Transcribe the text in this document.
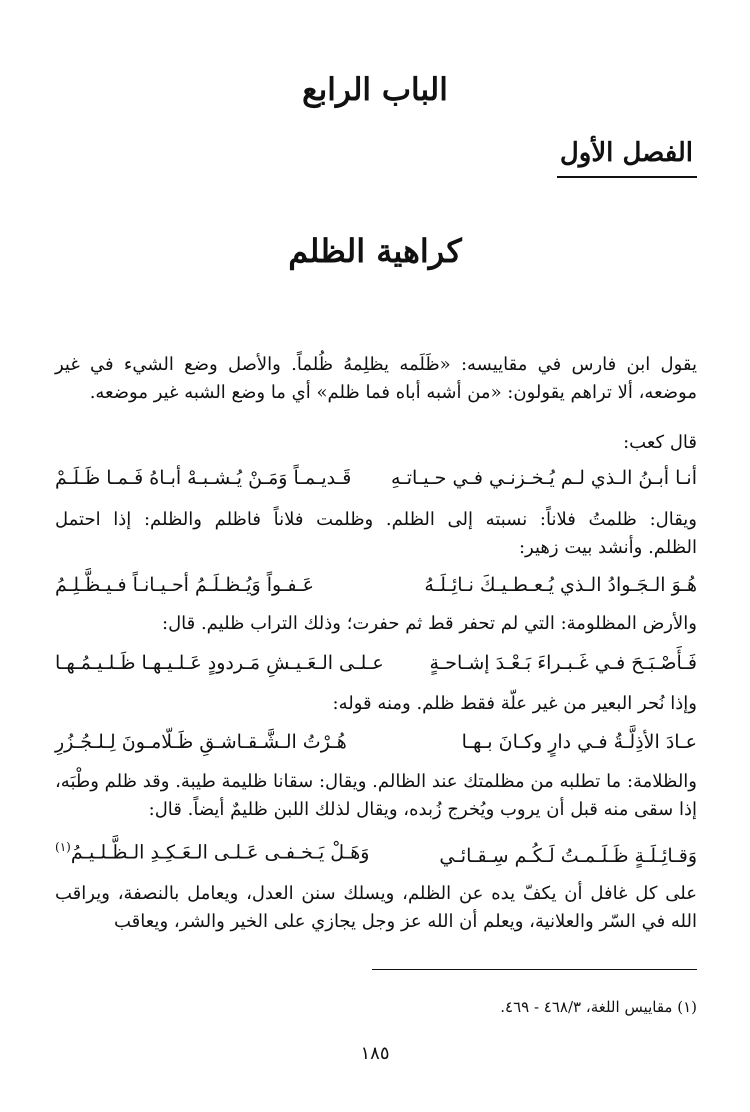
الباب الرابع
الفصل الأول
كراهية الظلم
يقول ابن فارس في مقاييسه: «ظَلَمه يظلِمهُ ظُلماً. والأصل وضع الشيء في غير موضعه، ألا تراهم يقولون: «من أشبه أباه فما ظلم» أي ما وضع الشبه غير موضعه.
قال كعب:
أنـا أبـنُ الـذي لـم يُـخـزنـي فـي حـيـاتـهِ
قَـديـمـاً وَمَـنْ يُـشـبـهْ أبـاهُ فَـمـا ظَـلَـمْ
ويقال: ظلمتُ فلاناً: نسبته إلى الظلم. وظلمت فلاناً فاظلم والظلم: إذا احتمل
الظلم. وأنشد بيت زهير:
هُـوَ الـجَـوادُ الـذي يُـعـطـيـكَ نـائِـلَـهُ
عَـفـواً وَيُـظـلَـمُ أحـيـانـاً فـيـظَّـلِـمُ
والأرض المظلومة: التي لم تحفر قط ثم حفرت؛ وذلك التراب ظليم. قال:
فَـأَصْـبَـحَ فـي غَـبـراءَ بَـعْـدَ إشـاحـةٍ
عـلـى الـعَـيـشِ مَـردودٍ عَـلـيـهـا ظَـلـيـمُـهـا
وإذا نُحر البعير من غير علّة فقط ظلم. ومنه قوله:
عـادَ الأذِلَّـةُ فـي دارٍ وكـانَ بـهـا
هُـرْتُ الـشَّـقـاشـقِ ظَـلّامـونَ لِـلـجُـزُرِ
والظلامة: ما تطلبه من مظلمتك عند الظالم. ويقال: سقانا ظليمة طيبة. وقد ظلم وطْبَه، إذا سقى منه قبل أن يروب ويُخرج زُبده، ويقال لذلك اللبن ظليمٌ أيضاً. قال:
وَقـائِـلَـةٍ ظَـلَـمـتُ لَـكُـم سِـقـائـي
وَهَـلْ يَـخـفـى عَـلـى الـعَـكِـدِ الـظَّـلـيـمُ$^{(١)}$
على كل غافل أن يكفّ يده عن الظلم، ويسلك سنن العدل، ويعامل بالنصفة، ويراقب الله في السّر والعلانية، ويعلم أن الله عز وجل يجازي على الخير والشر، ويعاقب
(١) مقاييس اللغة، ٤٦٨/٣ - ٤٦٩.
١٨٥
